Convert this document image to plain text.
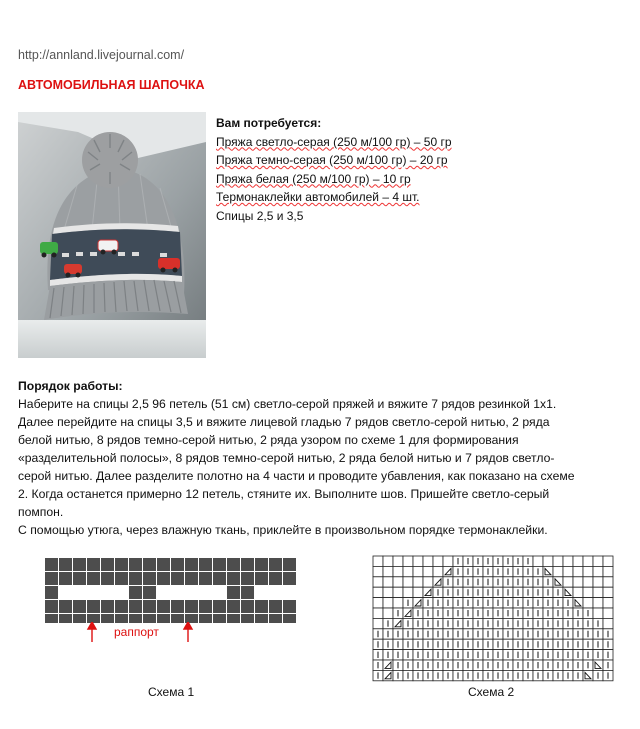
http://annland.livejournal.com/
АВТОМОБИЛЬНАЯ ШАПОЧКА
Вам потребуется:
Пряжа светло-серая (250 м/100 гр) – 50 гр
Пряжа темно-серая (250 м/100 гр) – 20 гр
Пряжа белая (250 м/100 гр) – 10 гр
Термонаклейки автомобилей – 4 шт.
Спицы 2,5 и 3,5
Порядок работы:
Наберите на спицы 2,5 96 петель (51 см) светло-серой пряжей и вяжите 7 рядов резинкой 1х1.
Далее перейдите на спицы 3,5 и вяжите лицевой гладью 7 рядов светло-серой нитью, 2 ряда
белой нитью, 8 рядов темно-серой нитью, 2 ряда узором по схеме 1 для формирования
«разделительной полосы», 8 рядов темно-серой нитью, 2 ряда белой нитью и 7 рядов светло-
серой нитью. Далее разделите полотно на 4 части и проводите убавления, как показано на схеме
2. Когда останется примерно 12 петель, стяните их. Выполните шов. Пришейте светло-серый
помпон.
С помощью утюга, через влажную ткань, приклейте в произвольном порядке термонаклейки.
раппорт
Схема 1	Схема 2
